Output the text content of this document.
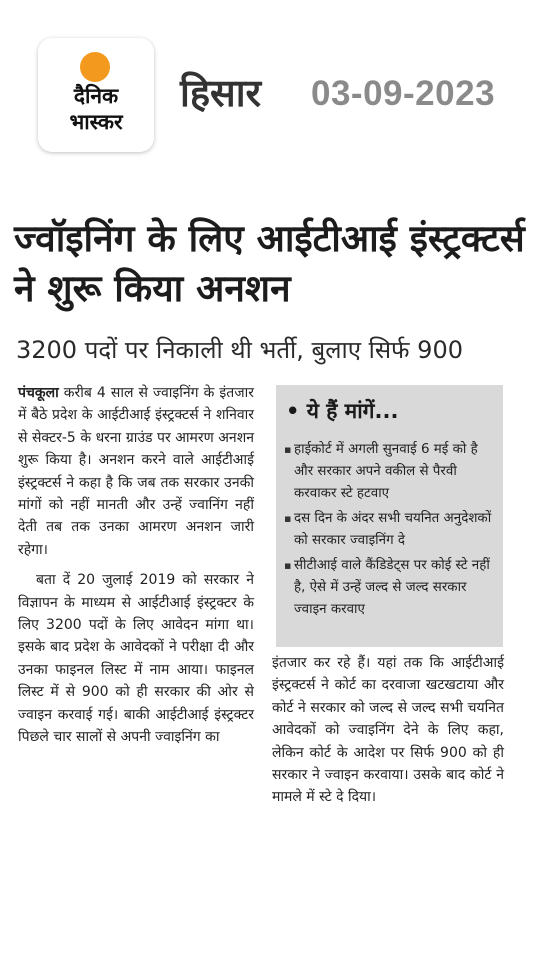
दैनिक
भास्कर
हिसार 03-09-2023
ज्वॉइनिंग के लिए आईटीआई इंस्ट्रक्टर्स ने शुरू किया अनशन
3200 पदों पर निकाली थी भर्ती, बुलाए सिर्फ 900

पंचकूला करीब 4 साल से ज्वाइनिंग के इंतजार में बैठे प्रदेश के आईटीआई इंस्ट्रक्टर्स ने शनिवार से सेक्टर-5 के धरना ग्राउंड पर आमरण अनशन शुरू किया है। अनशन करने वाले आईटीआई इंस्ट्रक्टर्स ने कहा है कि जब तक सरकार उनकी मांगों को नहीं मानती और उन्हें ज्वानिंग नहीं देती तब तक उनका आमरण अनशन जारी रहेगा।

बता दें 20 जुलाई 2019 को सरकार ने विज्ञापन के माध्यम से आईटीआई इंस्ट्रक्टर के लिए 3200 पदों के लिए आवेदन मांगा था। इसके बाद प्रदेश के आवेदकों ने परीक्षा दी और उनका फाइनल लिस्ट में नाम आया। फाइनल लिस्ट में से 900 को ही सरकार की ओर से ज्वाइन करवाई गई। बाकी आईटीआई इंस्ट्रक्टर पिछले चार सालों से अपनी ज्वाइनिंग का

• ये हैं मांगें...
▪ हाईकोर्ट में अगली सुनवाई 6 मई को है और सरकार अपने वकील से पैरवी करवाकर स्टे हटवाए
▪ दस दिन के अंदर सभी चयनित अनुदेशकों को सरकार ज्वाइनिंग दे
▪ सीटीआई वाले कैंडिडेट्स पर कोई स्टे नहीं है, ऐसे में उन्हें जल्द से जल्द सरकार ज्वाइन करवाए

इंतजार कर रहे हैं। यहां तक कि आईटीआई इंस्ट्रक्टर्स ने कोर्ट का दरवाजा खटखटाया और कोर्ट ने सरकार को जल्द से जल्द सभी चयनित आवेदकों को ज्वाइनिंग देने के लिए कहा, लेकिन कोर्ट के आदेश पर सिर्फ 900 को ही सरकार ने ज्वाइन करवाया। उसके बाद कोर्ट ने मामले में स्टे दे दिया।
